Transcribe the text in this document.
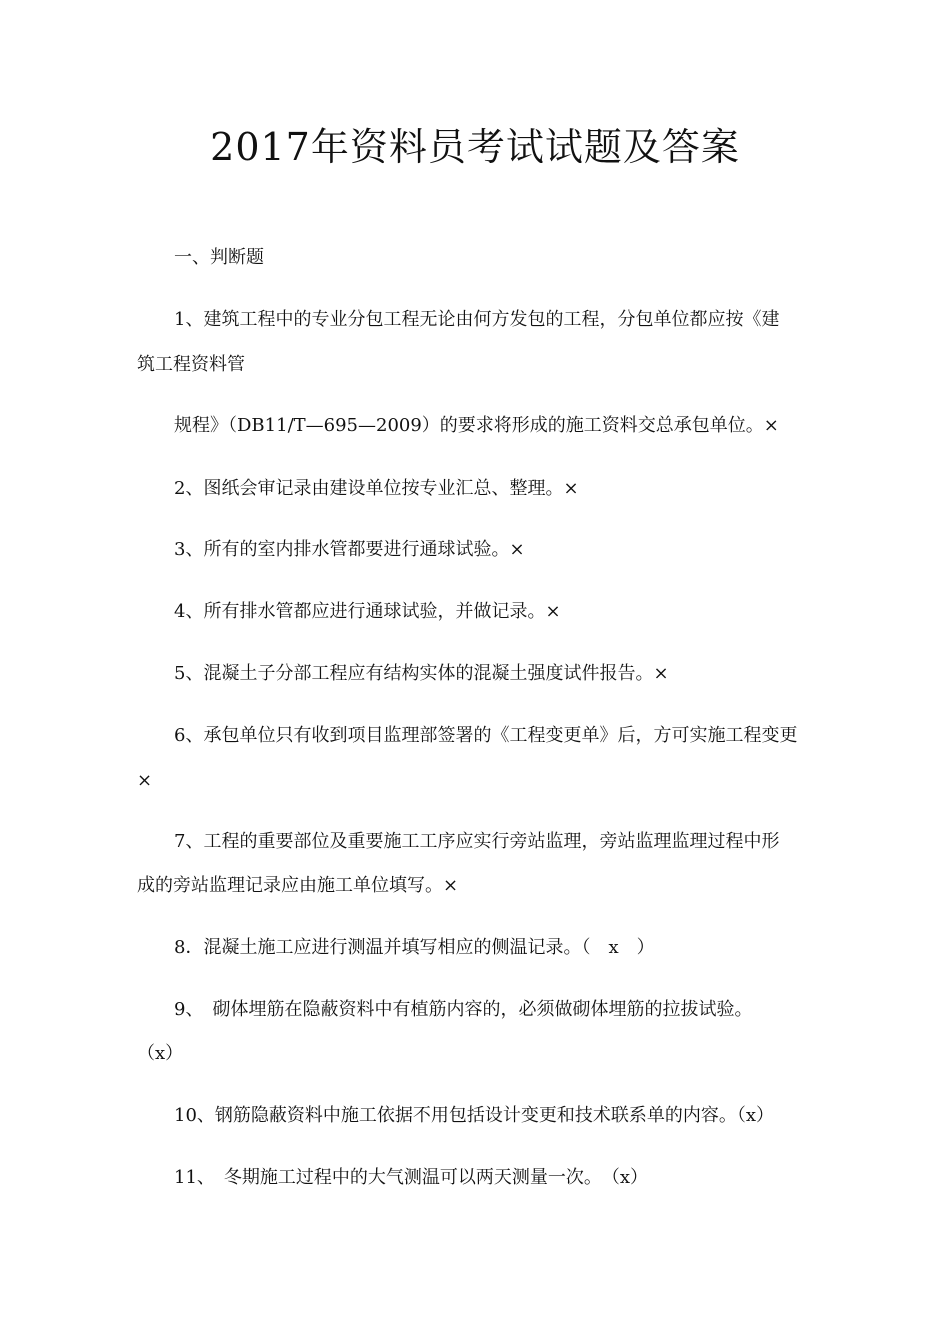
2017年资料员考试试题及答案
一、判断题
1、建筑工程中的专业分包工程无论由何方发包的工程，分包单位都应按《建
筑工程资料管
规程》（DB11/T—695—2009）的要求将形成的施工资料交总承包单位。×
2、图纸会审记录由建设单位按专业汇总、整理。×
3、所有的室内排水管都要进行通球试验。×
4、所有排水管都应进行通球试验，并做记录。×
5、混凝土子分部工程应有结构实体的混凝土强度试件报告。×
6、承包单位只有收到项目监理部签署的《工程变更单》后，方可实施工程变更
×
7、工程的重要部位及重要施工工序应实行旁站监理，旁站监理监理过程中形
成的旁站监理记录应由施工单位填写。×
8．混凝土施工应进行测温并填写相应的侧温记录。（　x　）
9、　砌体埋筋在隐蔽资料中有植筋内容的，必须做砌体埋筋的拉拔试验。
（x）
10、钢筋隐蔽资料中施工依据不用包括设计变更和技术联系单的内容。（x）
11、　冬期施工过程中的大气测温可以两天测量一次。　（x）
